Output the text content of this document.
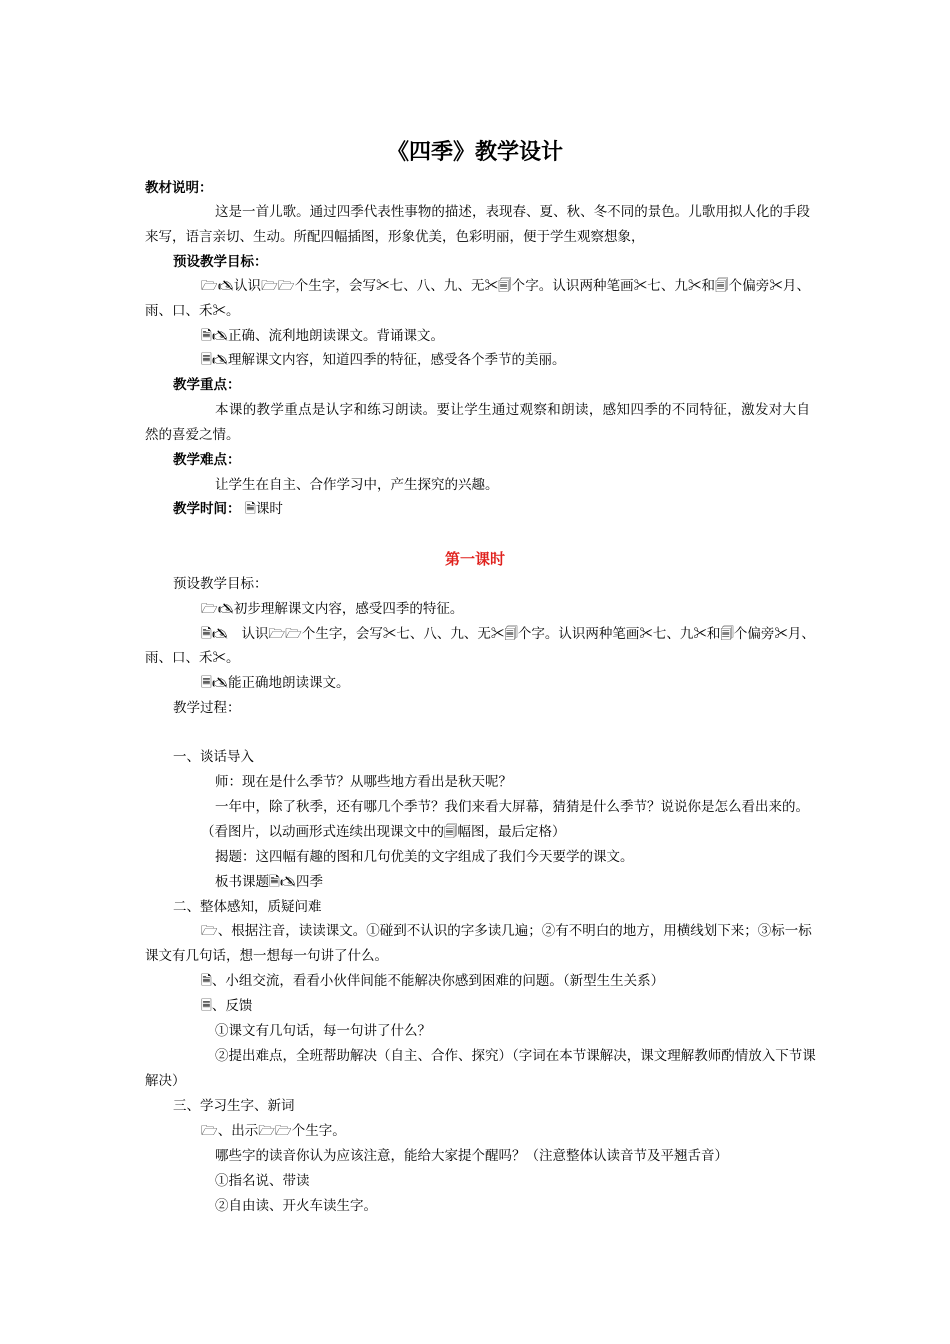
《四季》教学设计
教材说明：
这是一首儿歌。通过四季代表性事物的描述，表现春、夏、秋、冬不同的景色。儿歌用拟人化的手段
来写，语言亲切、生动。所配四幅插图，形象优美，色彩明丽，便于学生观察想象，
预设教学目标：
🗁🖎认识🗁🗁个生字，会写✂七、八、九、无✂🗐个字。认识两种笔画✂七、九✂和🗐个偏旁✂月、
雨、口、禾✂。
🗎🖎正确、流利地朗读课文。背诵课文。
🗏🖎理解课文内容，知道四季的特征，感受各个季节的美丽。
教学重点：
本课的教学重点是认字和练习朗读。要让学生通过观察和朗读，感知四季的不同特征，激发对大自
然的喜爱之情。
教学难点：
让学生在自主、合作学习中，产生探究的兴趣。
教学时间： 🗎课时
第一课时
预设教学目标：
🗁🖎初步理解课文内容，感受四季的特征。
🗎🖎　认识🗁🗁个生字，会写✂七、八、九、无✂🗐个字。认识两种笔画✂七、九✂和🗐个偏旁✂月、
雨、口、禾✂。
🗏🖎能正确地朗读课文。
教学过程：
一、谈话导入
师：现在是什么季节？从哪些地方看出是秋天呢？
一年中，除了秋季，还有哪几个季节？我们来看大屏幕，猜猜是什么季节？说说你是怎么看出来的。
（看图片，以动画形式连续出现课文中的🗐幅图，最后定格）
揭题：这四幅有趣的图和几句优美的文字组成了我们今天要学的课文。
板书课题🗎🖎四季
二、整体感知，质疑问难
🗁、根据注音，读读课文。①碰到不认识的字多读几遍；②有不明白的地方，用横线划下来；③标一标
课文有几句话，想一想每一句讲了什么。
🗎、小组交流，看看小伙伴间能不能解决你感到困难的问题。（新型生生关系）
🗏、反馈
①课文有几句话，每一句讲了什么？
②提出难点，全班帮助解决（自主、合作、探究）（字词在本节课解决，课文理解教师酌情放入下节课
解决）
三、学习生字、新词
🗁、出示🗁🗁个生字。
哪些字的读音你认为应该注意，能给大家提个醒吗？（注意整体认读音节及平翘舌音）
①指名说、带读
②自由读、开火车读生字。
